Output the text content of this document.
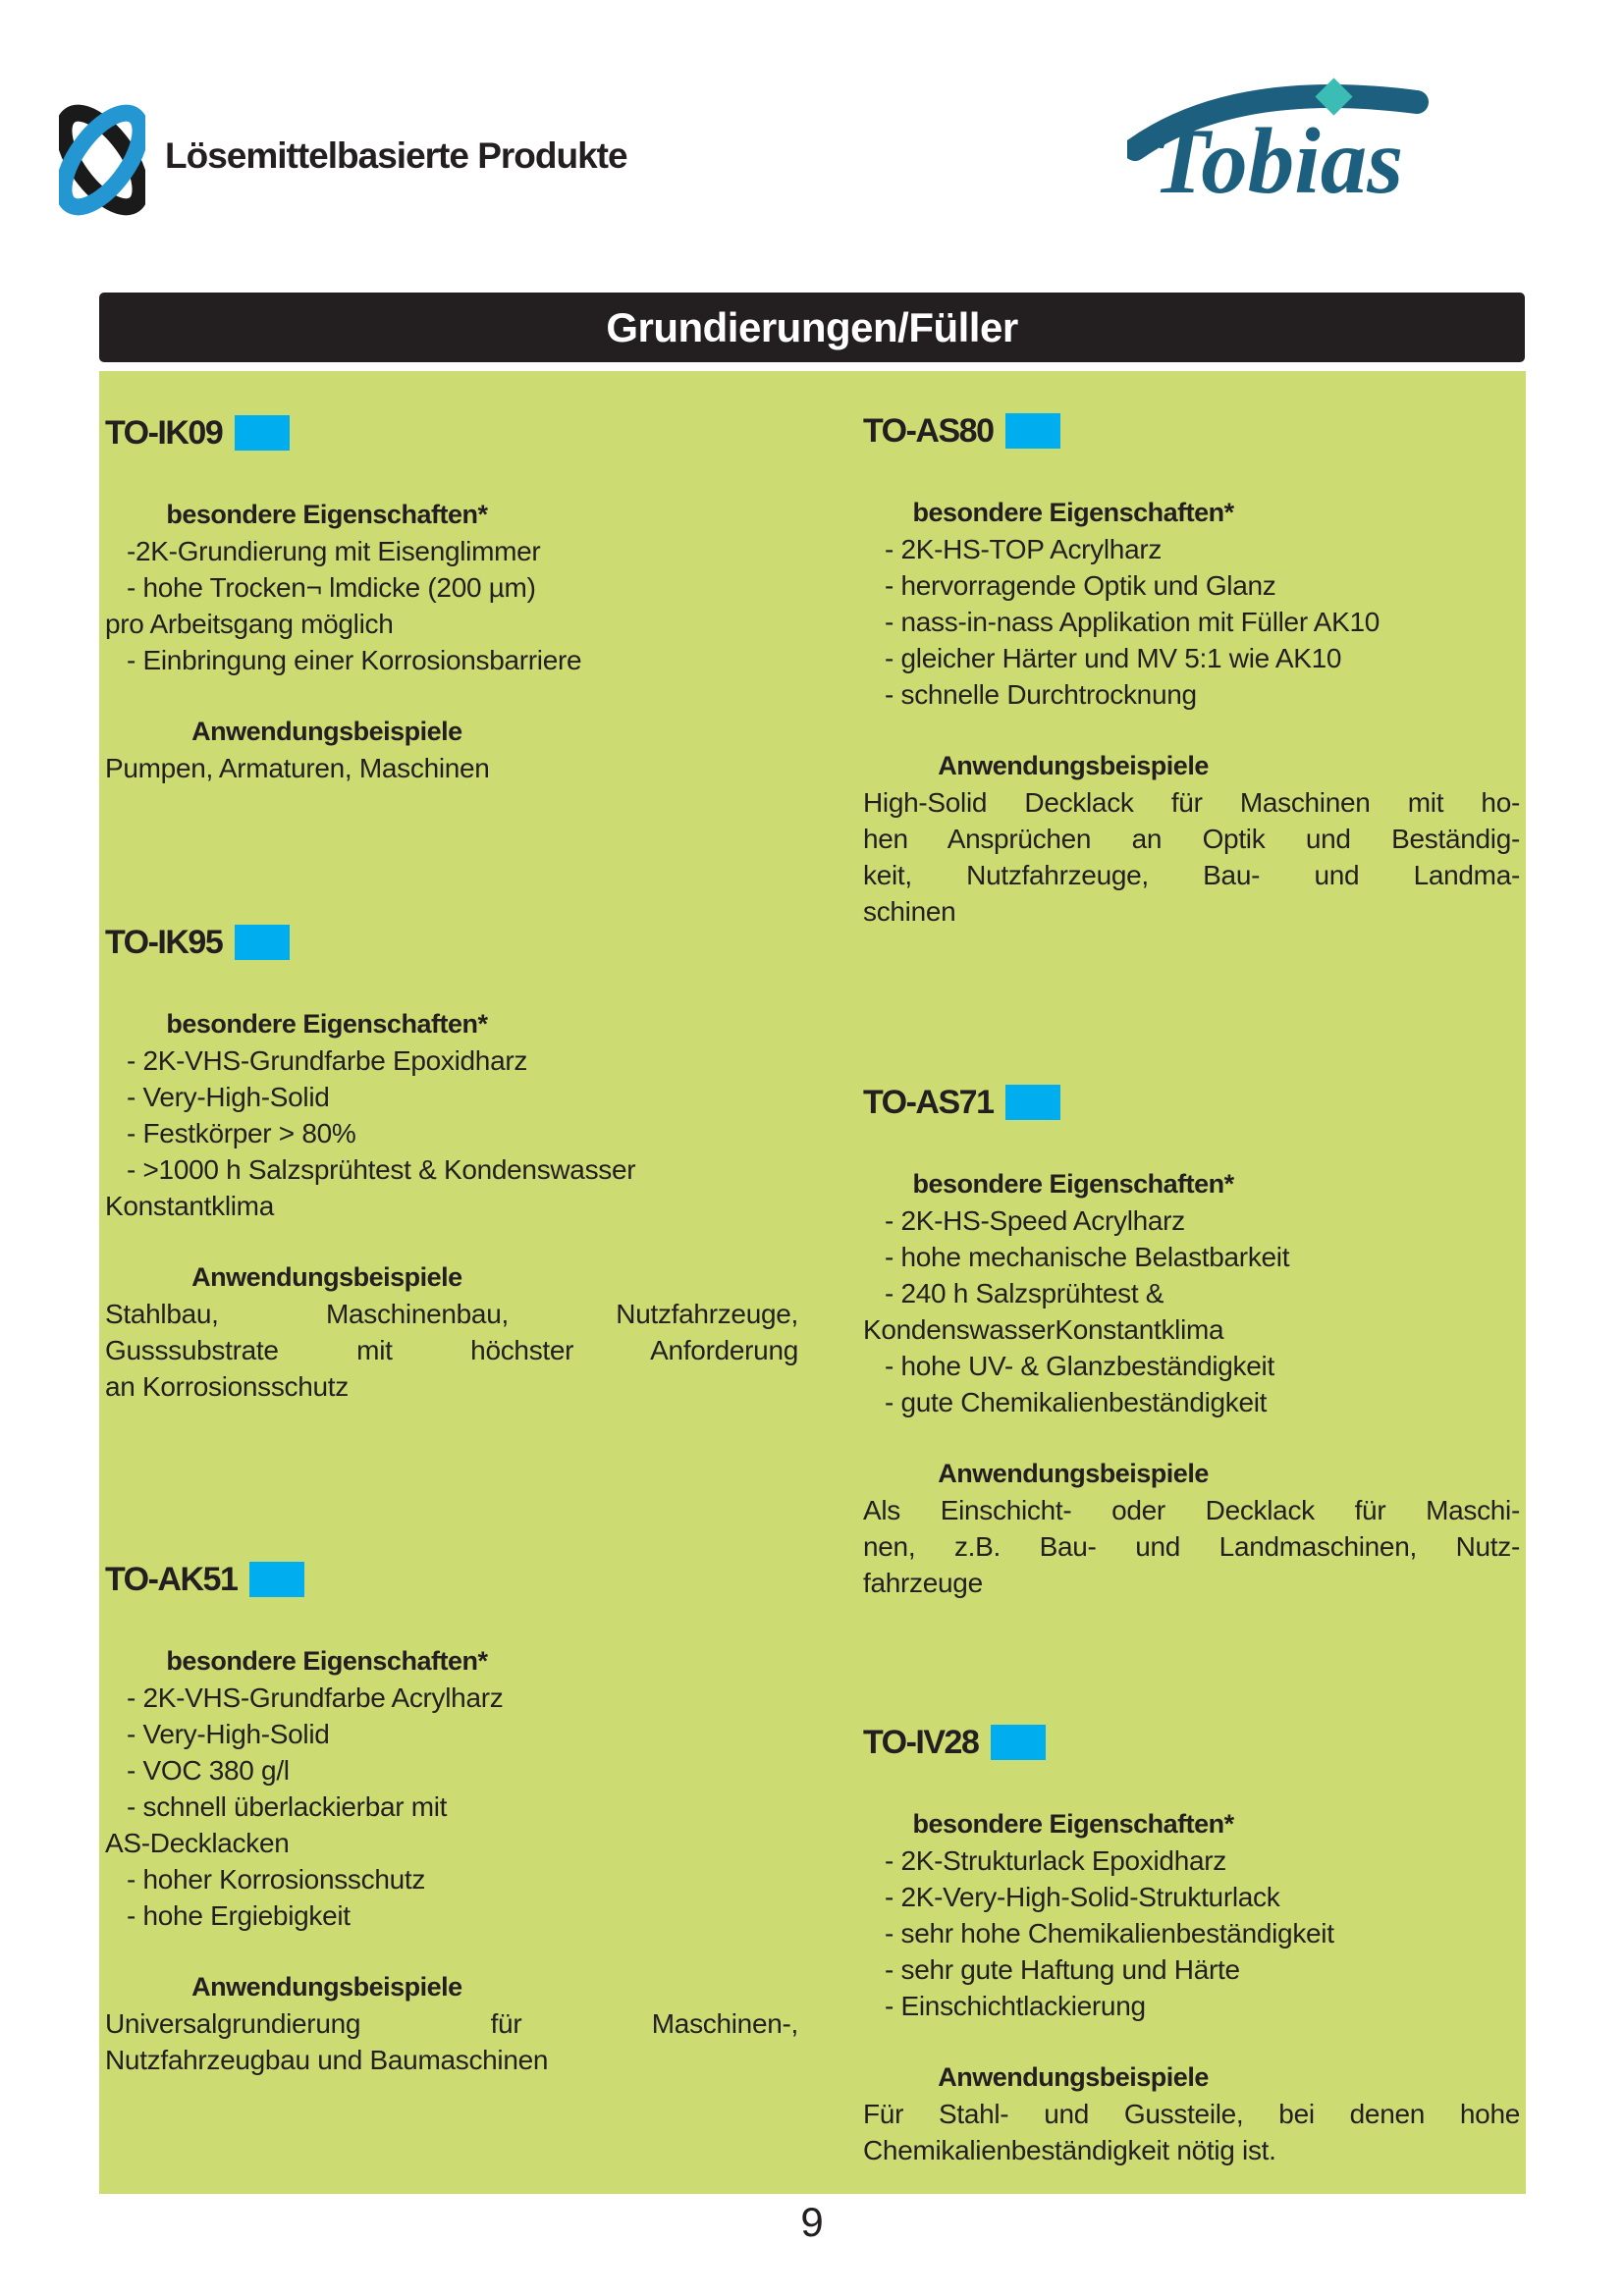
Lösemittelbasierte Produkte	Tobias
Grundierungen/Füller
TO-IK09
besondere Eigenschaften*
-2K-Grundierung mit Eisenglimmer
- hohe Trocken¬ lmdicke (200 µm)
pro Arbeitsgang möglich
- Einbringung einer Korrosionsbarriere
Anwendungsbeispiele
Pumpen, Armaturen, Maschinen
TO-IK95
besondere Eigenschaften*
- 2K-VHS-Grundfarbe Epoxidharz
- Very-High-Solid
- Festkörper > 80%
- >1000 h Salzsprühtest & Kondenswasser
Konstantklima
Anwendungsbeispiele
Stahlbau, Maschinenbau, Nutzfahrzeuge,
Gusssubstrate mit höchster Anforderung
an Korrosionsschutz
TO-AK51
besondere Eigenschaften*
- 2K-VHS-Grundfarbe Acrylharz
- Very-High-Solid
- VOC 380 g/l
- schnell überlackierbar mit
AS-Decklacken
- hoher Korrosionsschutz
- hohe Ergiebigkeit
Anwendungsbeispiele
Universalgrundierung für Maschinen-,
Nutzfahrzeugbau und Baumaschinen
TO-AS80
besondere Eigenschaften*
- 2K-HS-TOP Acrylharz
- hervorragende Optik und Glanz
- nass-in-nass Applikation mit Füller AK10
- gleicher Härter und MV 5:1 wie AK10
- schnelle Durchtrocknung
Anwendungsbeispiele
High-Solid Decklack für Maschinen mit ho-
hen Ansprüchen an Optik und Beständig-
keit, Nutzfahrzeuge, Bau- und Landma-
schinen
TO-AS71
besondere Eigenschaften*
- 2K-HS-Speed Acrylharz
- hohe mechanische Belastbarkeit
- 240 h Salzsprühtest &
KondenswasserKonstantklima
- hohe UV- & Glanzbeständigkeit
- gute Chemikalienbeständigkeit
Anwendungsbeispiele
Als Einschicht- oder Decklack für Maschi-
nen, z.B. Bau- und Landmaschinen, Nutz-
fahrzeuge
TO-IV28
besondere Eigenschaften*
- 2K-Strukturlack Epoxidharz
- 2K-Very-High-Solid-Strukturlack
- sehr hohe Chemikalienbeständigkeit
- sehr gute Haftung und Härte
- Einschichtlackierung
Anwendungsbeispiele
Für Stahl- und Gussteile, bei denen hohe
Chemikalienbeständigkeit nötig ist.
9
